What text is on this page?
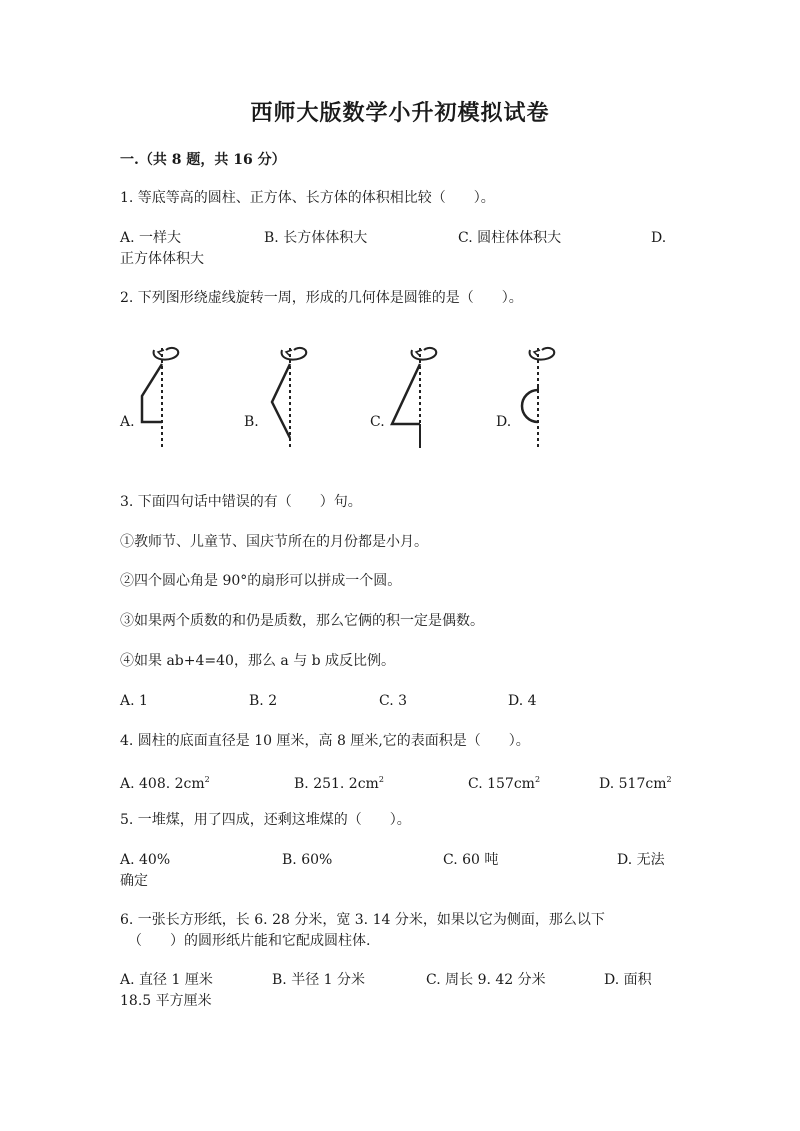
西师大版数学小升初模拟试卷
一.（共 8 题，共 16 分）
1. 等底等高的圆柱、正方体、长方体的体积相比较（　　）。
A. 一样大	B. 长方体体积大	C. 圆柱体体积大	D.
正方体体积大
2. 下列图形绕虚线旋转一周，形成的几何体是圆锥的是（　　）。
A.	B.	C.	D.
3. 下面四句话中错误的有（　　）句。
①教师节、儿童节、国庆节所在的月份都是小月。
②四个圆心角是 90°的扇形可以拼成一个圆。
③如果两个质数的和仍是质数，那么它俩的积一定是偶数。
④如果 ab+4=40，那么 a 与 b 成反比例。
A. 1	B. 2	C. 3	D. 4
4. 圆柱的底面直径是 10 厘米，高 8 厘米,它的表面积是（　　）。
A. 408. $2cm^2$	B. 251. $2cm^2$	C. $157cm^2$	D. $517cm^2$
5. 一堆煤，用了四成，还剩这堆煤的（　　）。
A. 40%	B. 60%	C. 60 吨	D. 无法
确定
6. 一张长方形纸，长 6. 28 分米，宽 3. 14 分米，如果以它为侧面，那么以下
（　　）的圆形纸片能和它配成圆柱体.
A. 直径 1 厘米	B. 半径 1 分米	C. 周长 9. 42 分米	D. 面积
18.5 平方厘米
